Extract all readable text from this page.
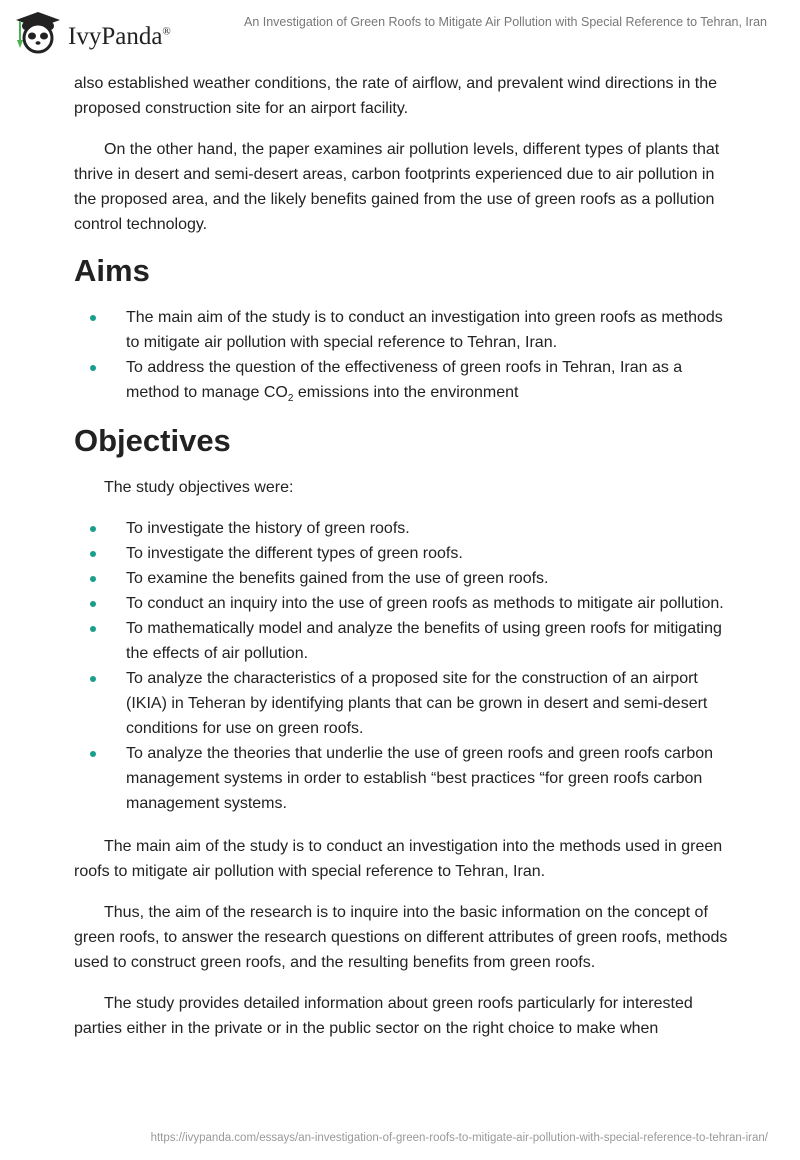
IvyPanda®
An Investigation of Green Roofs to Mitigate Air Pollution with Special Reference to Tehran, Iran

also established weather conditions, the rate of airflow, and prevalent wind directions in the proposed construction site for an airport facility.

On the other hand, the paper examines air pollution levels, different types of plants that thrive in desert and semi-desert areas, carbon footprints experienced due to air pollution in the proposed area, and the likely benefits gained from the use of green roofs as a pollution control technology.

Aims
The main aim of the study is to conduct an investigation into green roofs as methods to mitigate air pollution with special reference to Tehran, Iran.
To address the question of the effectiveness of green roofs in Tehran, Iran as a method to manage $CO_2$ emissions into the environment
Objectives

The study objectives were:

To investigate the history of green roofs.
To investigate the different types of green roofs.
To examine the benefits gained from the use of green roofs.
To conduct an inquiry into the use of green roofs as methods to mitigate air pollution.
To mathematically model and analyze the benefits of using green roofs for mitigating the effects of air pollution.
To analyze the characteristics of a proposed site for the construction of an airport (IKIA) in Teheran by identifying plants that can be grown in desert and semi-desert conditions for use on green roofs.
To analyze the theories that underlie the use of green roofs and green roofs carbon management systems in order to establish “best practices “for green roofs carbon management systems.

The main aim of the study is to conduct an investigation into the methods used in green roofs to mitigate air pollution with special reference to Tehran, Iran.

Thus, the aim of the research is to inquire into the basic information on the concept of green roofs, to answer the research questions on different attributes of green roofs, methods used to construct green roofs, and the resulting benefits from green roofs.

The study provides detailed information about green roofs particularly for interested parties either in the private or in the public sector on the right choice to make when

https://ivypanda.com/essays/an-investigation-of-green-roofs-to-mitigate-air-pollution-with-special-reference-to-tehran-iran/
